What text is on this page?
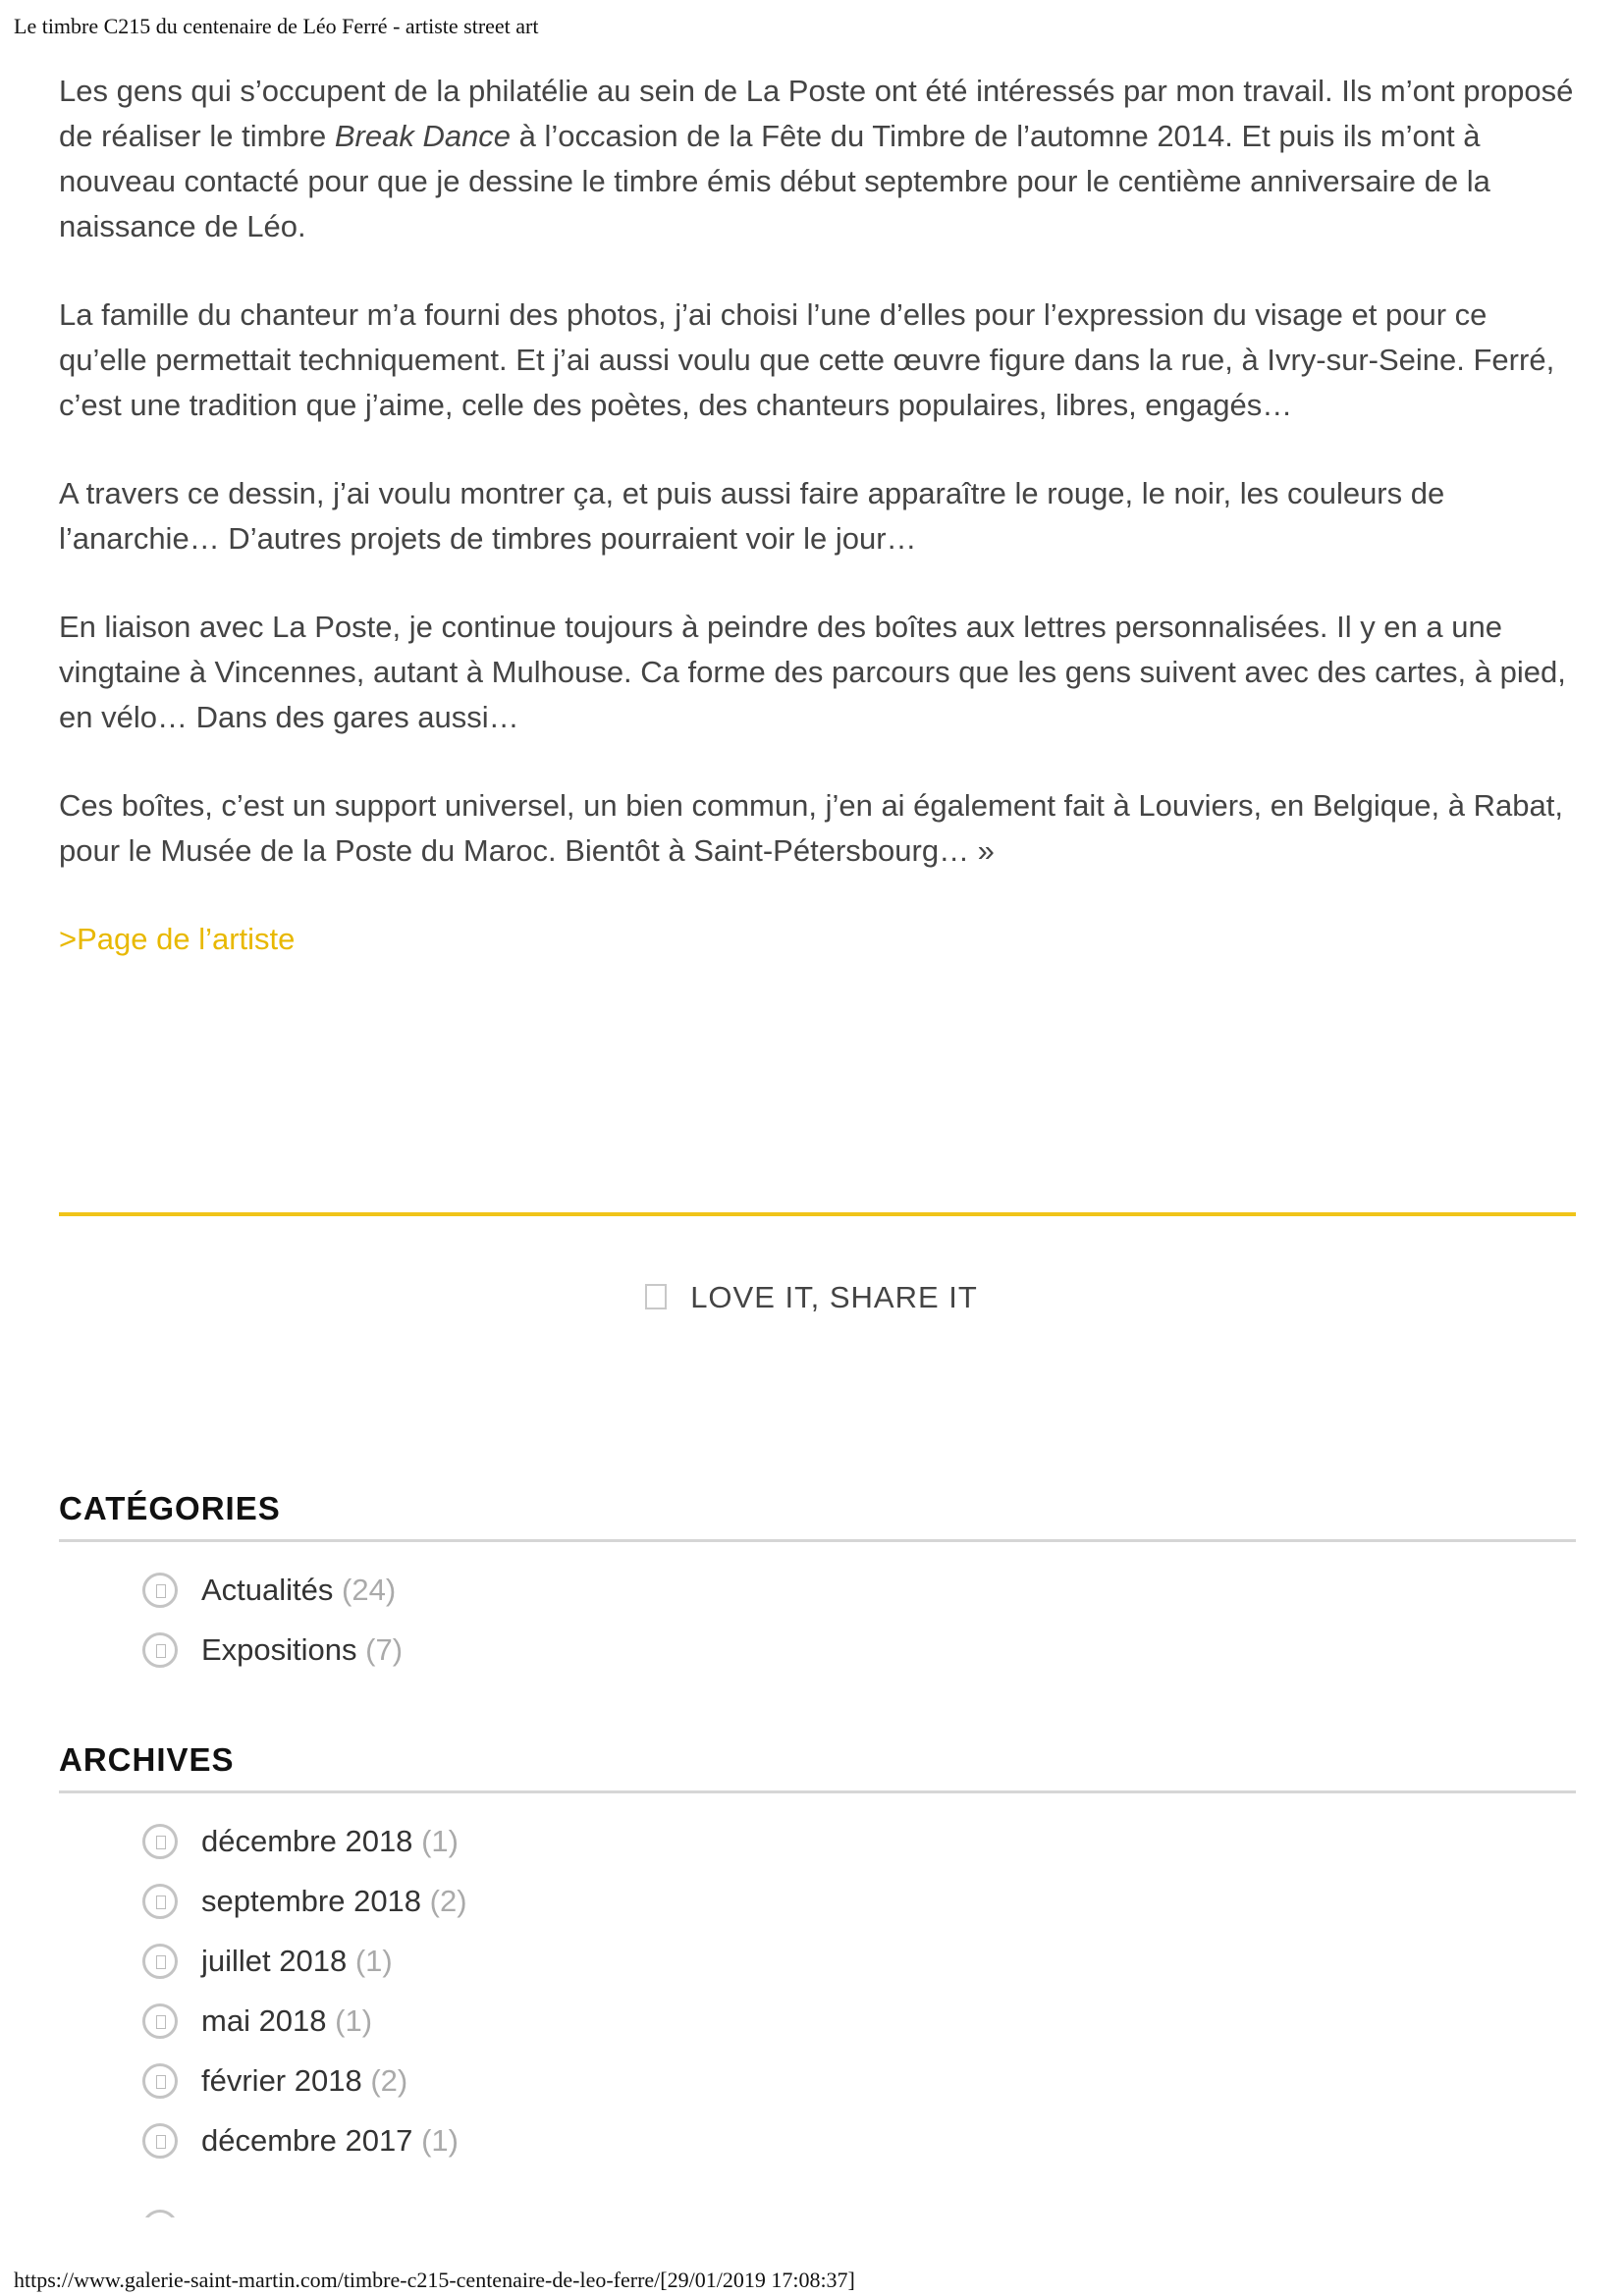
Le timbre C215 du centenaire de Léo Ferré - artiste street art

Les gens qui s’occupent de la philatélie au sein de La Poste ont été intéressés par mon travail. Ils m’ont proposé de réaliser le timbre Break Dance à l’occasion de la Fête du Timbre de l’automne 2014. Et puis ils m’ont à nouveau contacté pour que je dessine le timbre émis début septembre pour le centième anniversaire de la naissance de Léo.

La famille du chanteur m’a fourni des photos, j’ai choisi l’une d’elles pour l’expression du visage et pour ce qu’elle permettait techniquement. Et j’ai aussi voulu que cette œuvre figure dans la rue, à Ivry-sur-Seine. Ferré, c’est une tradition que j’aime, celle des poètes, des chanteurs populaires, libres, engagés…

A travers ce dessin, j’ai voulu montrer ça, et puis aussi faire apparaître le rouge, le noir, les couleurs de l’anarchie… D’autres projets de timbres pourraient voir le jour…

En liaison avec La Poste, je continue toujours à peindre des boîtes aux lettres personnalisées. Il y en a une vingtaine à Vincennes, autant à Mulhouse. Ca forme des parcours que les gens suivent avec des cartes, à pied, en vélo… Dans des gares aussi…

Ces boîtes, c’est un support universel, un bien commun, j’en ai également fait à Louviers, en Belgique, à Rabat, pour le Musée de la Poste du Maroc. Bientôt à Saint-Pétersbourg… »

>Page de l’artiste
LOVE IT, SHARE IT
CATÉGORIES
Actualités (24)
Expositions (7)
ARCHIVES
décembre 2018 (1)
septembre 2018 (2)
juillet 2018 (1)
mai 2018 (1)
février 2018 (2)
décembre 2017 (1)
https://www.galerie-saint-martin.com/timbre-c215-centenaire-de-leo-ferre/[29/01/2019 17:08:37]
